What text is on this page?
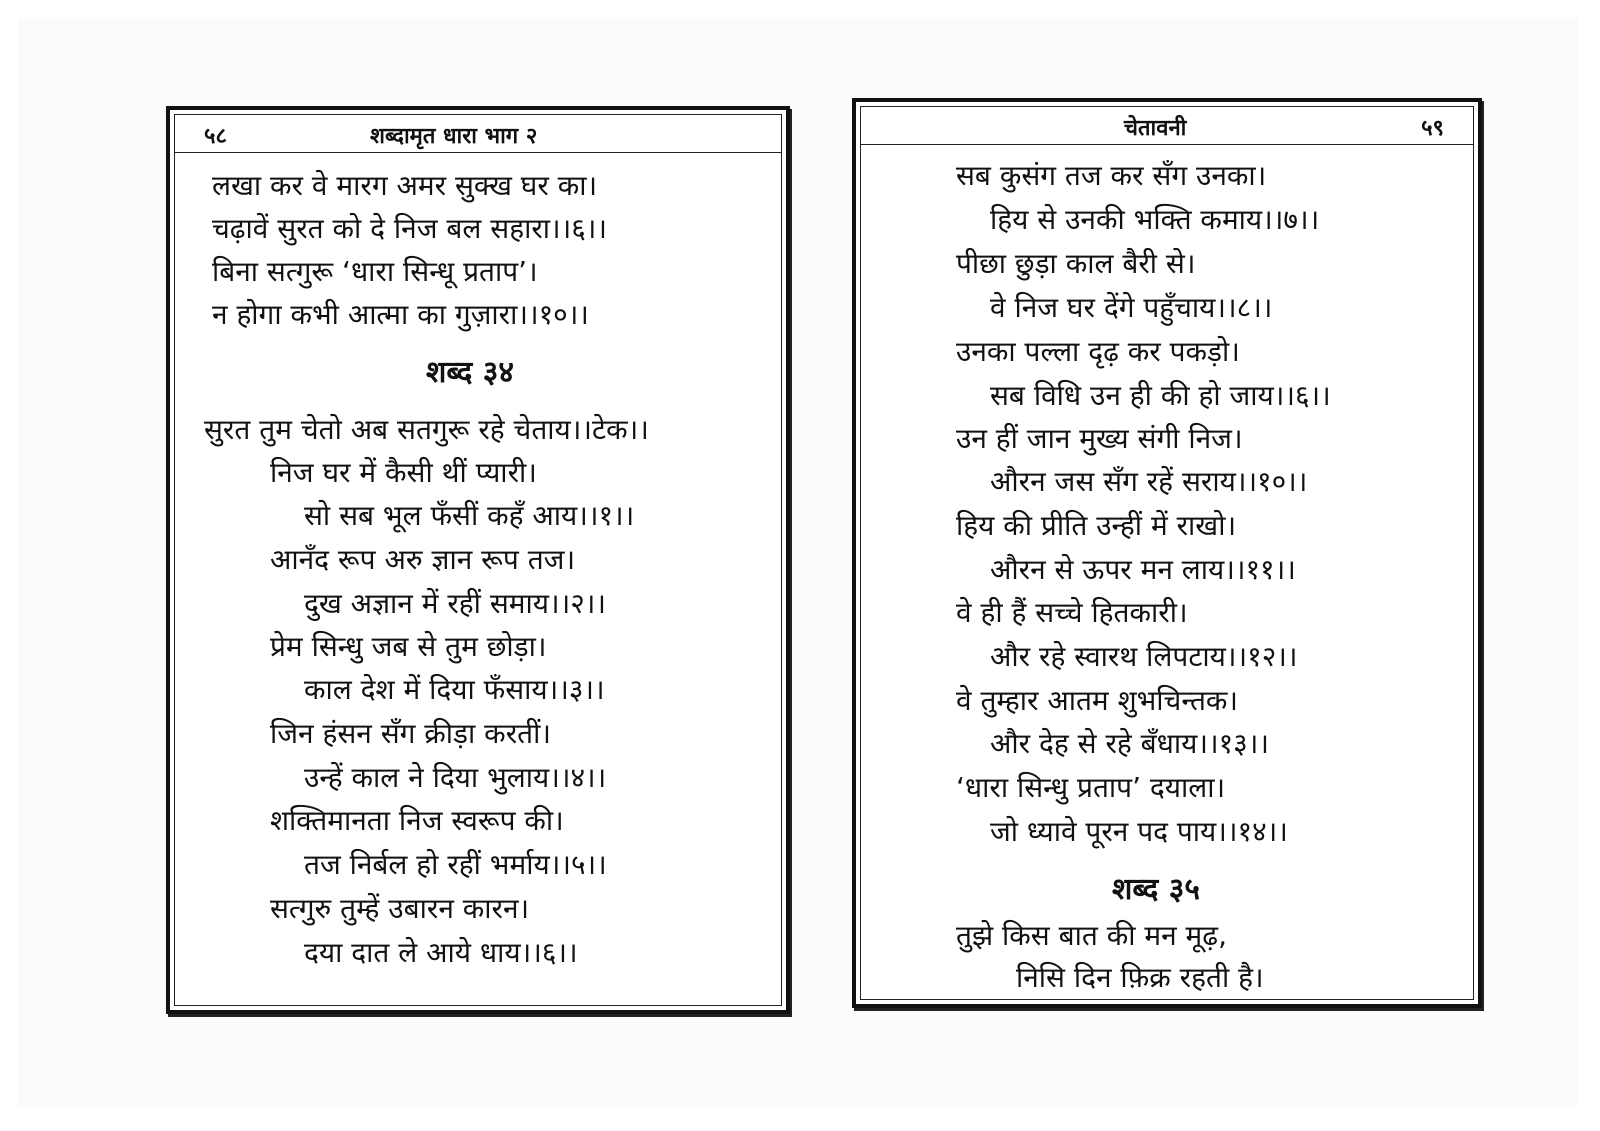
५८	शब्दामृत धारा भाग २
लखा कर वे मारग अमर सुक्ख घर का।
चढ़ावें सुरत को दे निज बल सहारा।।६।।
बिना सत्गुरू ‘धारा सिन्धू प्रताप’।
न होगा कभी आत्मा का गुज़ारा।।१०।।
शब्द ३४
सुरत तुम चेतो अब सतगुरू रहे चेताय।।टेक।।
निज घर में कैसी थीं प्यारी।
सो सब भूल फँसीं कहँ आय।।१।।
आनँद रूप अरु ज्ञान रूप तज।
दुख अज्ञान में रहीं समाय।।२।।
प्रेम सिन्धु जब से तुम छोड़ा।
काल देश में दिया फँसाय।।३।।
जिन हंसन सँग क्रीड़ा करतीं।
उन्हें काल ने दिया भुलाय।।४।।
शक्तिमानता निज स्वरूप की।
तज निर्बल हो रहीं भर्माय।।५।।
सत्गुरु तुम्हें उबारन कारन।
दया दात ले आये धाय।।६।।
चेतावनी	५९
सब कुसंग तज कर सँग उनका।
हिय से उनकी भक्ति कमाय।।७।।
पीछा छुड़ा काल बैरी से।
वे निज घर देंगे पहुँचाय।।८।।
उनका पल्ला दृढ़ कर पकड़ो।
सब विधि उन ही की हो जाय।।६।।
उन हीं जान मुख्य संगी निज।
औरन जस सँग रहें सराय।।१०।।
हिय की प्रीति उन्हीं में राखो।
औरन से ऊपर मन लाय।।११।।
वे ही हैं सच्चे हितकारी।
और रहे स्वारथ लिपटाय।।१२।।
वे तुम्हार आतम शुभचिन्तक।
और देह से रहे बँधाय।।१३।।
‘धारा सिन्धु प्रताप’ दयाला।
जो ध्यावे पूरन पद पाय।।१४।।
शब्द ३५
तुझे किस बात की मन मूढ़,
निसि दिन फ़िक्र रहती है।
